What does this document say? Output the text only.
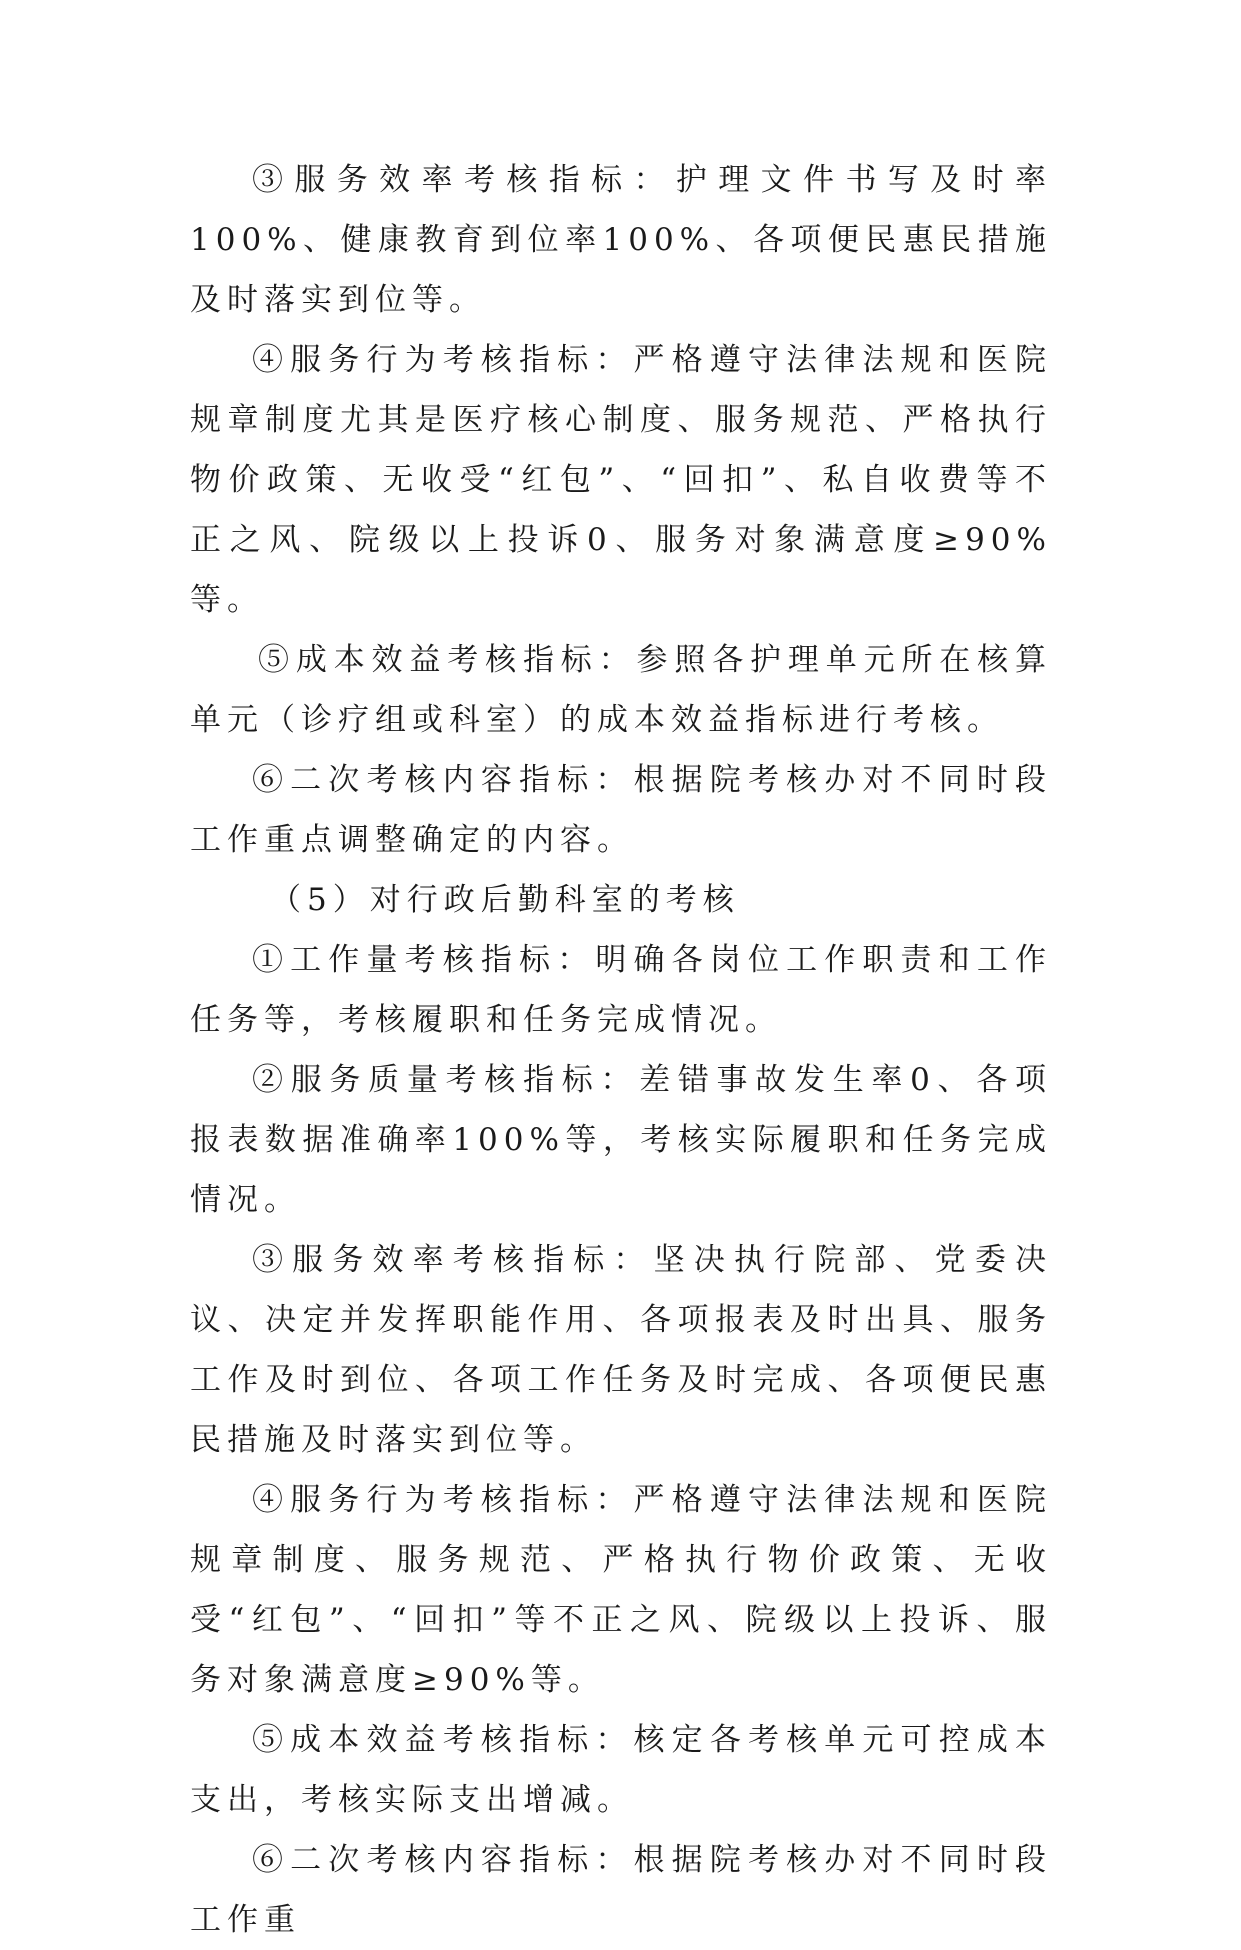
③服务效率考核指标：护理文件书写及时率100%、健康教育到位率100%、各项便民惠民措施及时落实到位等。

④服务行为考核指标：严格遵守法律法规和医院规章制度尤其是医疗核心制度、服务规范、严格执行物价政策、无收受“红包”、“回扣”、私自收费等不正之风、院级以上投诉0、服务对象满意度≥90%等。

⑤成本效益考核指标：参照各护理单元所在核算单元（诊疗组或科室）的成本效益指标进行考核。

⑥二次考核内容指标：根据院考核办对不同时段工作重点调整确定的内容。

（5）对行政后勤科室的考核

①工作量考核指标：明确各岗位工作职责和工作任务等，考核履职和任务完成情况。

②服务质量考核指标：差错事故发生率0、各项报表数据准确率100%等，考核实际履职和任务完成情况。

③服务效率考核指标：坚决执行院部、党委决议、决定并发挥职能作用、各项报表及时出具、服务工作及时到位、各项工作任务及时完成、各项便民惠民措施及时落实到位等。

④服务行为考核指标：严格遵守法律法规和医院规章制度、服务规范、严格执行物价政策、无收受“红包”、“回扣”等不正之风、院级以上投诉、服务对象满意度≥90%等。

⑤成本效益考核指标：核定各考核单元可控成本支出，考核实际支出增减。

⑥二次考核内容指标：根据院考核办对不同时段工作重
